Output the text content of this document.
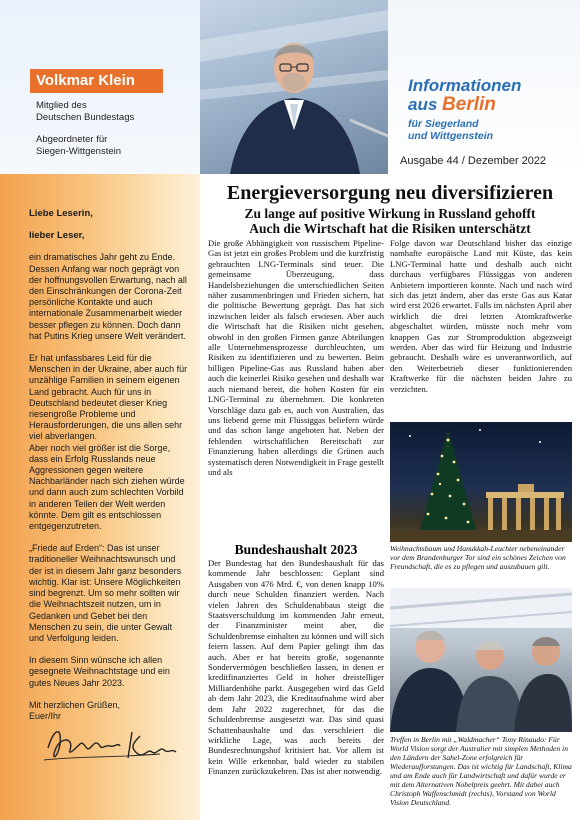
Volkmar Klein
Mitglied des
Deutschen Bundestags
Abgeordneter für
Siegen-Wittgenstein
Informationen
aus Berlin
für Siegerland
und Wittgenstein
Ausgabe 44 / Dezember 2022

Liebe Leserin,

lieber Leser,

ein dramatisches Jahr geht zu Ende. Dessen Anfang war noch geprägt von der hoffnungsvollen Erwartung, nach all den Einschränkungen der Corona-Zeit persönliche Kontakte und auch internationale Zusammenarbeit wieder besser pflegen zu können. Doch dann hat Putins Krieg unsere Welt verändert.

Er hat unfassbares Leid für die Menschen in der Ukraine, aber auch für unzählige Familien in seinem eigenen Land gebracht. Auch für uns in Deutschland bedeutet dieser Krieg riesengroße Probleme und Herausforderungen, die uns allen sehr viel abverlangen.

Aber noch viel größer ist die Sorge, dass ein Erfolg Russlands neue Aggressionen gegen weitere Nachbarländer nach sich ziehen würde und dann auch zum schlechten Vorbild in anderen Teilen der Welt werden könnte. Dem gilt es entschlossen entgegenzutreten.

„Friede auf Erden“: Das ist unser traditioneller Weihnachtswunsch und der ist in diesem Jahr ganz besonders wichtig. Klar ist: Unsere Möglichkeiten sind begrenzt. Um so mehr sollten wir die Weihnachtszeit nutzen, um in Gedanken und Gebet bei den Menschen zu sein, die unter Gewalt und Verfolgung leiden.

In diesem Sinn wünsche ich allen gesegnete Weihnachtstage und ein gutes Neues Jahr 2023.

Mit herzlichen Grüßen,

Euer/Ihr

Energieversorgung neu diversifizieren
Zu lange auf positive Wirkung in Russland gehofft
Auch die Wirtschaft hat die Risiken unterschätzt
Die große Abhängigkeit von russischem Pipeline-Gas ist jetzt ein großes Problem und die kurzfristig gebrauchten LNG-Terminals sind teuer. Die gemeinsame Überzeugung, dass Handelsbeziehungen die unterschiedlichen Seiten näher zusammenbringen und Frieden sichern, hat die politische Bewertung geprägt. Das hat sich inzwischen leider als falsch erwiesen. Aber auch die Wirtschaft hat die Risiken nicht gesehen, obwohl in den großen Firmen ganze Abteilungen alle Unternehmensprozesse durchleuchten, um Risiken zu identifizieren und zu bewerten. Beim billigen Pipeline-Gas aus Russland haben aber auch die keinerlei Risiko gesehen und deshalb war auch niemand bereit, die hohen Kosten für ein LNG-Terminal zu übernehmen. Die konkreten Vorschläge dazu gab es, auch von Australien, das uns liebend gerne mit Flüssiggas beliefern würde und das schon lange angeboten hat. Neben der fehlenden wirtschaftlichen Bereitschaft zur Finanzierung haben allerdings die Grünen auch systematisch deren Notwendigkeit in Frage gestellt und als
Bundeshaushalt 2023
Der Bundestag hat den Bundeshaushalt für das kommende Jahr beschlossen: Geplant sind Ausgaben von 476 Mrd. €, von denen knapp 10% durch neue Schulden finanziert werden. Nach vielen Jahren des Schuldenabbaus steigt die Staatsverschuldung im kommenden Jahr erneut, der Finanzminister meint aber, die Schuldenbremse einhalten zu können und will sich feiern lassen. Auf dem Papier gelingt ihm das auch. Aber er hat bereits große, sogenannte Sondervermögen beschließen lassen, in denen er kreditfinanziertes Geld in hoher dreistelliger Milliardenhöhe parkt. Ausgegeben wird das Geld ab dem Jahr 2023, die Kreditaufnahme wird aber dem Jahr 2022 zugerechnet, für das die Schuldenbremse ausgesetzt war. Das sind quasi Schattenhaushalte und das verschleiert die wirkliche Lage, was auch bereits der Bundesrechnungshof kritisiert hat. Vor allem ist kein Wille erkennbar, bald wieder zu stabilen Finanzen zurückzukehren. Das ist aber notwendig.
Folge davon war Deutschland bisher das einzige namhafte europäische Land mit Küste, das kein LNG-Terminal hatte und deshalb auch nicht durchaus verfügbares Flüssiggas von anderen Anbietern importieren konnte. Nach und nach wird sich das jetzt ändern, aber das erste Gas aus Katar wird erst 2026 erwartet. Falls im nächsten April aber wirklich die drei letzten Atomkraftwerke abgeschaltet würden, müsste noch mehr vom knappen Gas zur Stromproduktion abgezweigt werden. Aber das wird für Heizung und Industrie gebraucht. Deshalb wäre es unverantwortlich, auf den Weiterbetrieb dieser funktionierenden Kraftwerke für die nächsten beiden Jahre zu verzichten.
Weihnachtsbaum und Hanukkah-Leuchter nebeneinander vor dem Brandenburger Tor sind ein schönes Zeichen von Freundschaft, die es zu pflegen und auszubauen gilt.
Treffen in Berlin mit „Waldmacher“ Tony Rinaudo: Für World Vision sorgt der Australier mit simplen Methoden in den Ländern der Sahel-Zone erfolgreich für Wiederaufforstungen. Das ist wichtig für Landschaft, Klima und am Ende auch für Landwirtschaft und dafür wurde er mit dem Alternativen Nobelpreis geehrt. Mit dabei auch Christoph Waffenschmidt (rechts), Vorstand von World Vision Deutschland.
